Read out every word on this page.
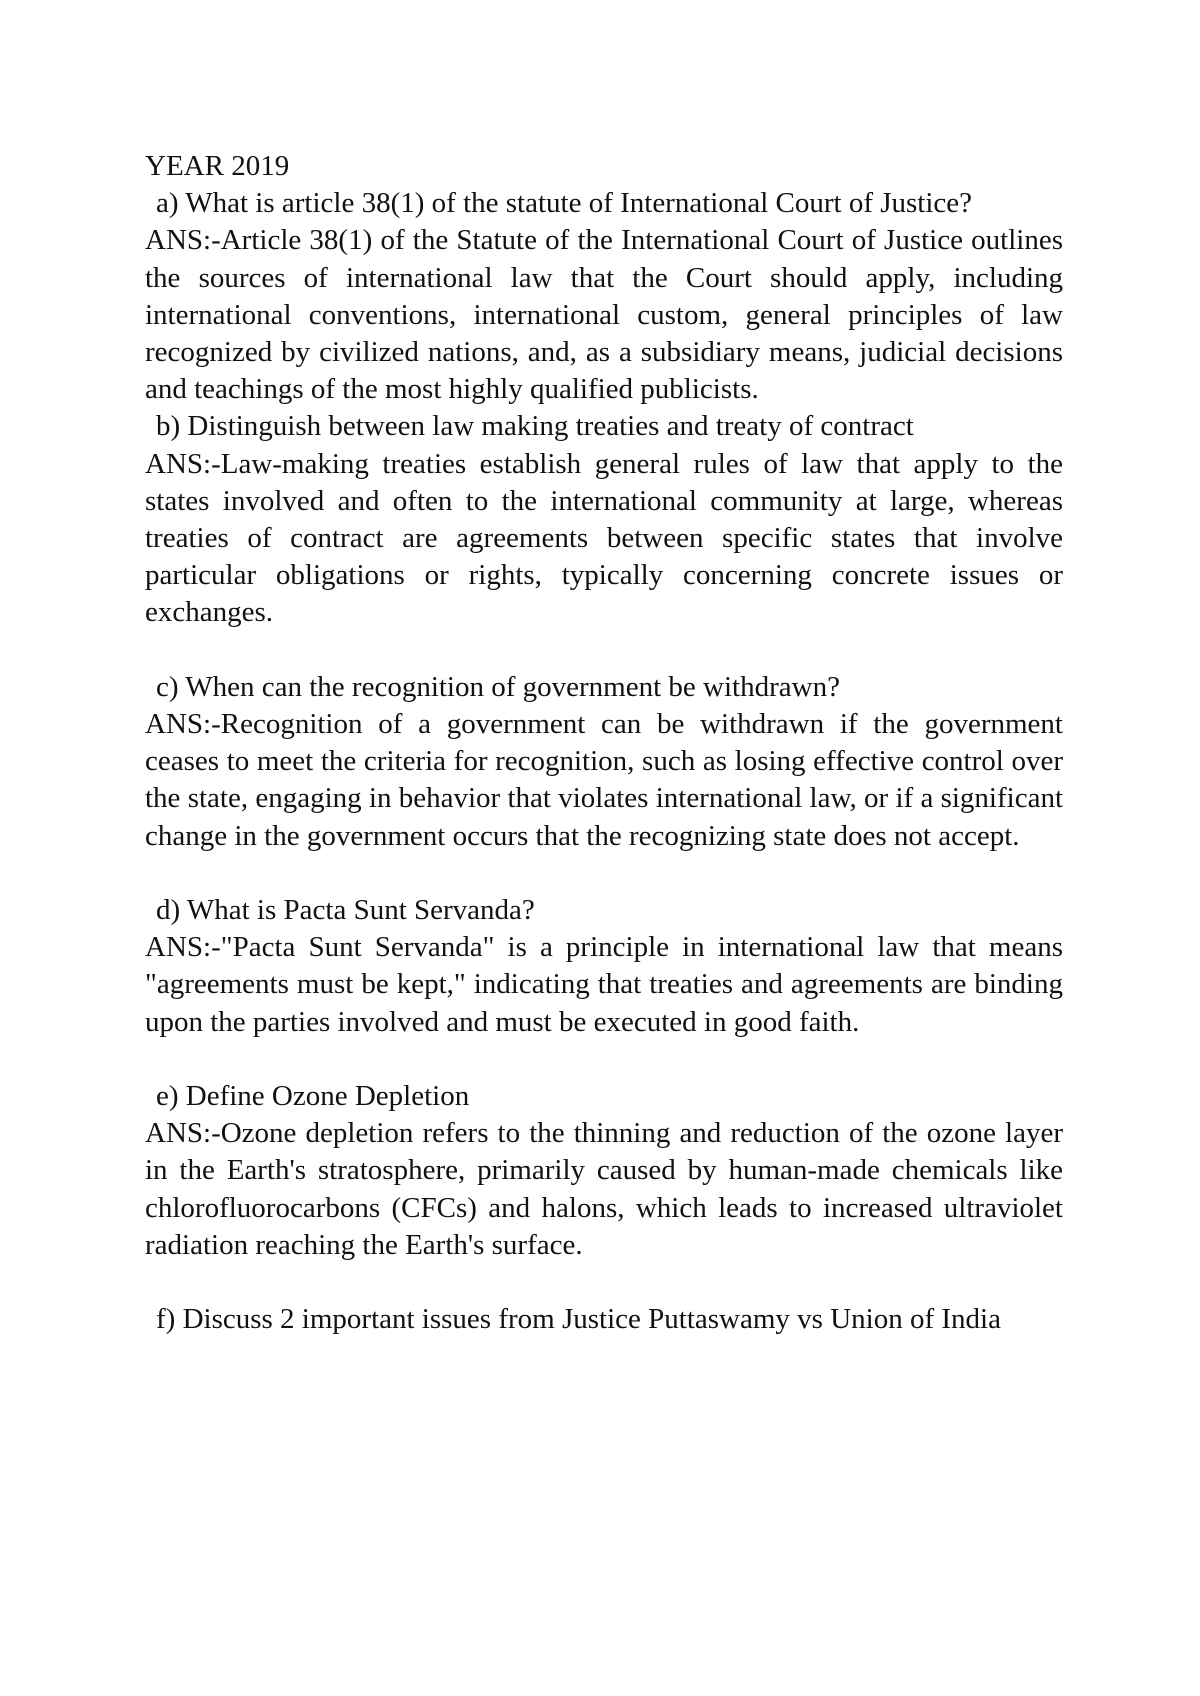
YEAR 2019

a) What is article 38(1) of the statute of International Court of Justice?

ANS:-Article 38(1) of the Statute of the International Court of Justice outlines the sources of international law that the Court should apply, including international conventions, international custom, general principles of law recognized by civilized nations, and, as a subsidiary means, judicial decisions and teachings of the most highly qualified publicists.

b) Distinguish between law making treaties and treaty of contract

ANS:-Law-making treaties establish general rules of law that apply to the states involved and often to the international community at large, whereas treaties of contract are agreements between specific states that involve particular obligations or rights, typically concerning concrete issues or exchanges.

c) When can the recognition of government be withdrawn?

ANS:-Recognition of a government can be withdrawn if the government ceases to meet the criteria for recognition, such as losing effective control over the state, engaging in behavior that violates international law, or if a significant change in the government occurs that the recognizing state does not accept.

d) What is Pacta Sunt Servanda?

ANS:-"Pacta Sunt Servanda" is a principle in international law that means "agreements must be kept," indicating that treaties and agreements are binding upon the parties involved and must be executed in good faith.

e) Define Ozone Depletion

ANS:-Ozone depletion refers to the thinning and reduction of the ozone layer in the Earth's stratosphere, primarily caused by human-made chemicals like chlorofluorocarbons (CFCs) and halons, which leads to increased ultraviolet radiation reaching the Earth's surface.

f) Discuss 2 important issues from Justice Puttaswamy vs Union of India
